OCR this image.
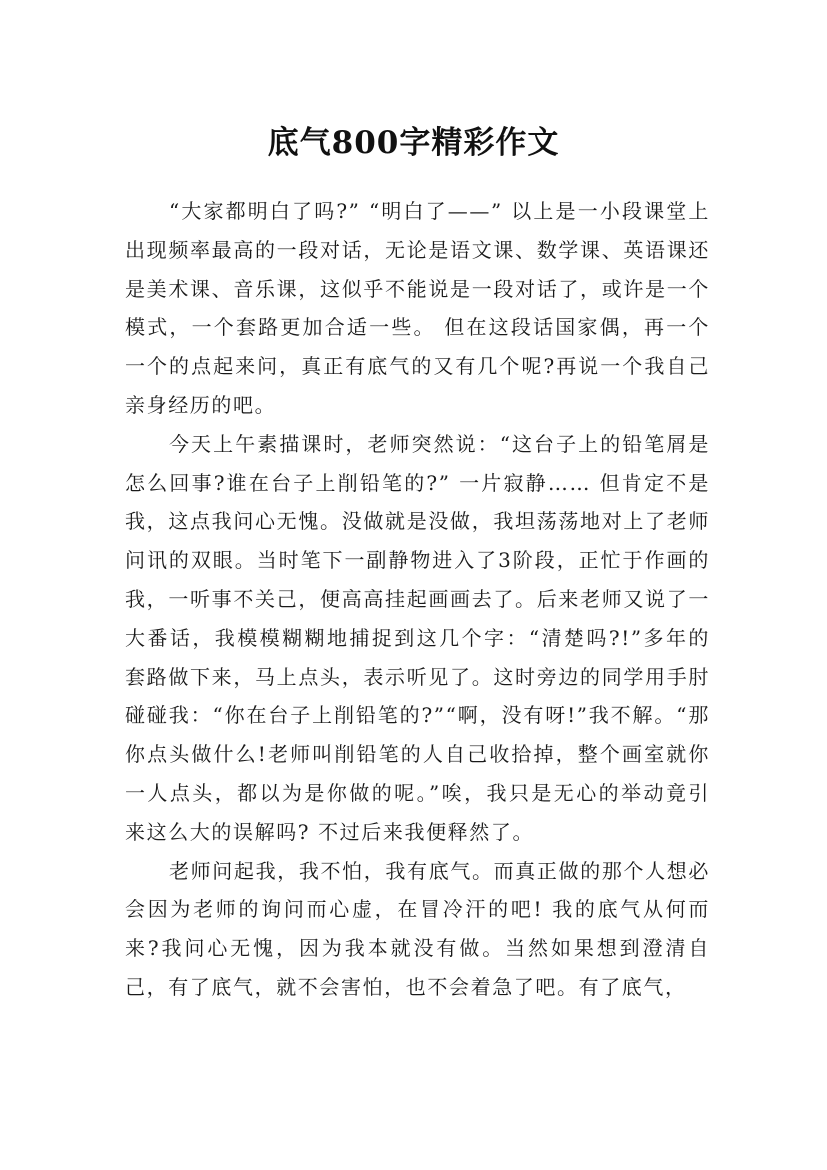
底气800字精彩作文

“大家都明白了吗?” “明白了——” 以上是一小段课堂上出现频率最高的一段对话，无论是语文课、数学课、英语课还是美术课、音乐课，这似乎不能说是一段对话了，或许是一个模式，一个套路更加合适一些。 但在这段话国家偶，再一个一个的点起来问，真正有底气的又有几个呢?再说一个我自己亲身经历的吧。

今天上午素描课时，老师突然说：“这台子上的铅笔屑是怎么回事?谁在台子上削铅笔的?” 一片寂静…… 但肯定不是我，这点我问心无愧。没做就是没做，我坦荡荡地对上了老师问讯的双眼。当时笔下一副静物进入了3阶段，正忙于作画的我，一听事不关己，便高高挂起画画去了。后来老师又说了一大番话，我模模糊糊地捕捉到这几个字：“清楚吗?!”多年的套路做下来，马上点头，表示听见了。这时旁边的同学用手肘碰碰我：“你在台子上削铅笔的?”“啊，没有呀!”我不解。“那你点头做什么!老师叫削铅笔的人自己收拾掉，整个画室就你一人点头，都以为是你做的呢。”唉，我只是无心的举动竟引来这么大的误解吗? 不过后来我便释然了。

老师问起我，我不怕，我有底气。而真正做的那个人想必会因为老师的询问而心虚，在冒冷汗的吧! 我的底气从何而来?我问心无愧，因为我本就没有做。当然如果想到澄清自己，有了底气，就不会害怕，也不会着急了吧。有了底气，
